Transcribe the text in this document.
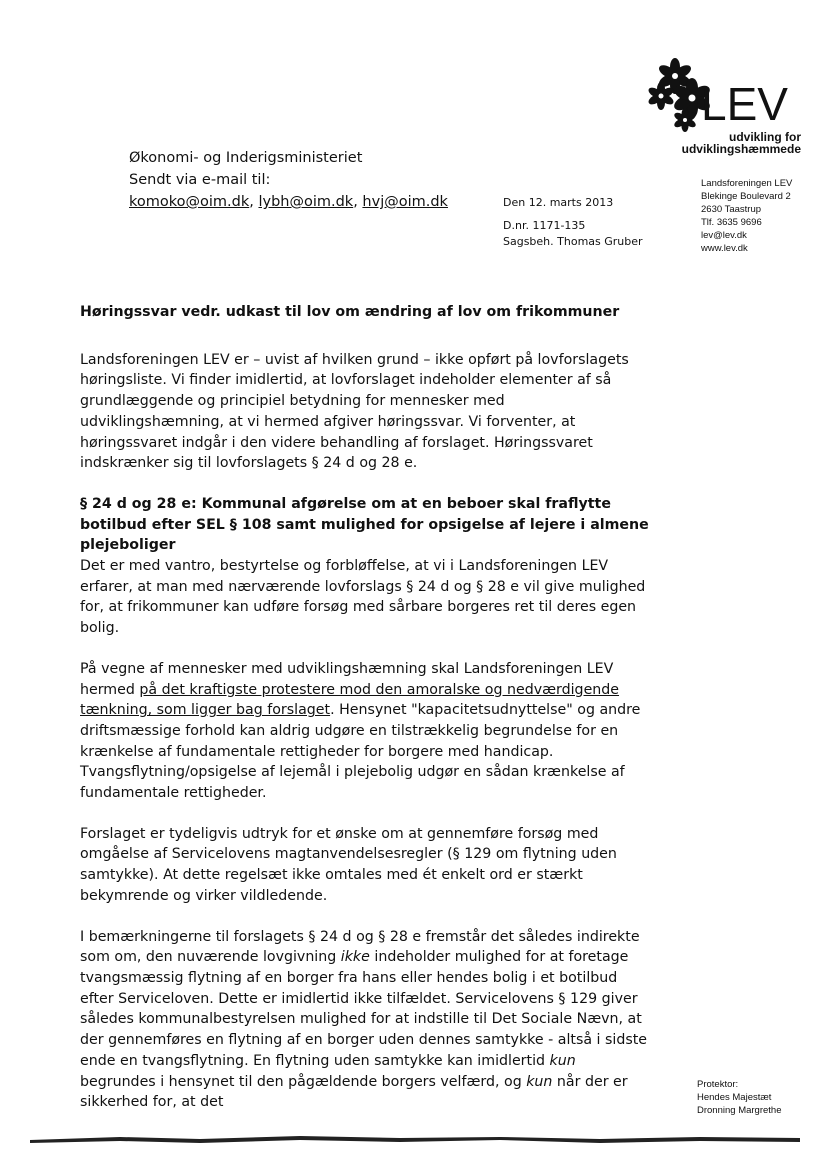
Økonomi- og Inderigsministeriet
Sendt via e-mail til:
komoko@oim.dk, lybh@oim.dk, hvj@oim.dk	Den 12. marts 2013
D.nr. 1171-135
Sagsbeh. Thomas Gruber
LEV
udvikling for
udviklingshæmmede
Landsforeningen LEV
Blekinge Boulevard 2
2630 Taastrup
Tlf. 3635 9696
lev@lev.dk
www.lev.dk
Høringssvar vedr. udkast til lov om ændring af lov om frikommuner

Landsforeningen LEV er – uvist af hvilken grund – ikke opført på lovforslagets høringsliste. Vi finder imidlertid, at lovforslaget indeholder elementer af så grundlæggende og principiel betydning for mennesker med udviklingshæmning, at vi hermed afgiver høringssvar. Vi forventer, at høringssvaret indgår i den videre behandling af forslaget. Høringssvaret indskrænker sig til lovforslagets § 24 d og 28 e.

§ 24 d og 28 e: Kommunal afgørelse om at en beboer skal fraflytte botilbud efter SEL § 108 samt mulighed for opsigelse af lejere i almene plejeboliger

Det er med vantro, bestyrtelse og forbløffelse, at vi i Landsforeningen LEV erfarer, at man med nærværende lovforslags § 24 d og § 28 e vil give mulighed for, at frikommuner kan udføre forsøg med sårbare borgeres ret til deres egen bolig.

På vegne af mennesker med udviklingshæmning skal Landsforeningen LEV hermed på det kraftigste protestere mod den amoralske og nedværdigende tænkning, som ligger bag forslaget. Hensynet "kapacitetsudnyttelse" og andre driftsmæssige forhold kan aldrig udgøre en tilstrækkelig begrundelse for en krænkelse af fundamentale rettigheder for borgere med handicap. Tvangsflytning/opsigelse af lejemål i plejebolig udgør en sådan krænkelse af fundamentale rettigheder.

Forslaget er tydeligvis udtryk for et ønske om at gennemføre forsøg med omgåelse af Servicelovens magtanvendelsesregler (§ 129 om flytning uden samtykke). At dette regelsæt ikke omtales med ét enkelt ord er stærkt bekymrende og virker vildledende.

I bemærkningerne til forslagets § 24 d og § 28 e fremstår det således indirekte som om, den nuværende lovgivning ikke indeholder mulighed for at foretage tvangsmæssig flytning af en borger fra hans eller hendes bolig i et botilbud efter Serviceloven. Dette er imidlertid ikke tilfældet. Servicelovens § 129 giver således kommunalbestyrelsen mulighed for at indstille til Det Sociale Nævn, at der gennemføres en flytning af en borger uden dennes samtykke - altså i sidste ende en tvangsflytning. En flytning uden samtykke kan imidlertid kun begrundes i hensynet til den pågældende borgers velfærd, og kun når der er sikkerhed for, at det

Protektor:
Hendes Majestæt
Dronning Margrethe
